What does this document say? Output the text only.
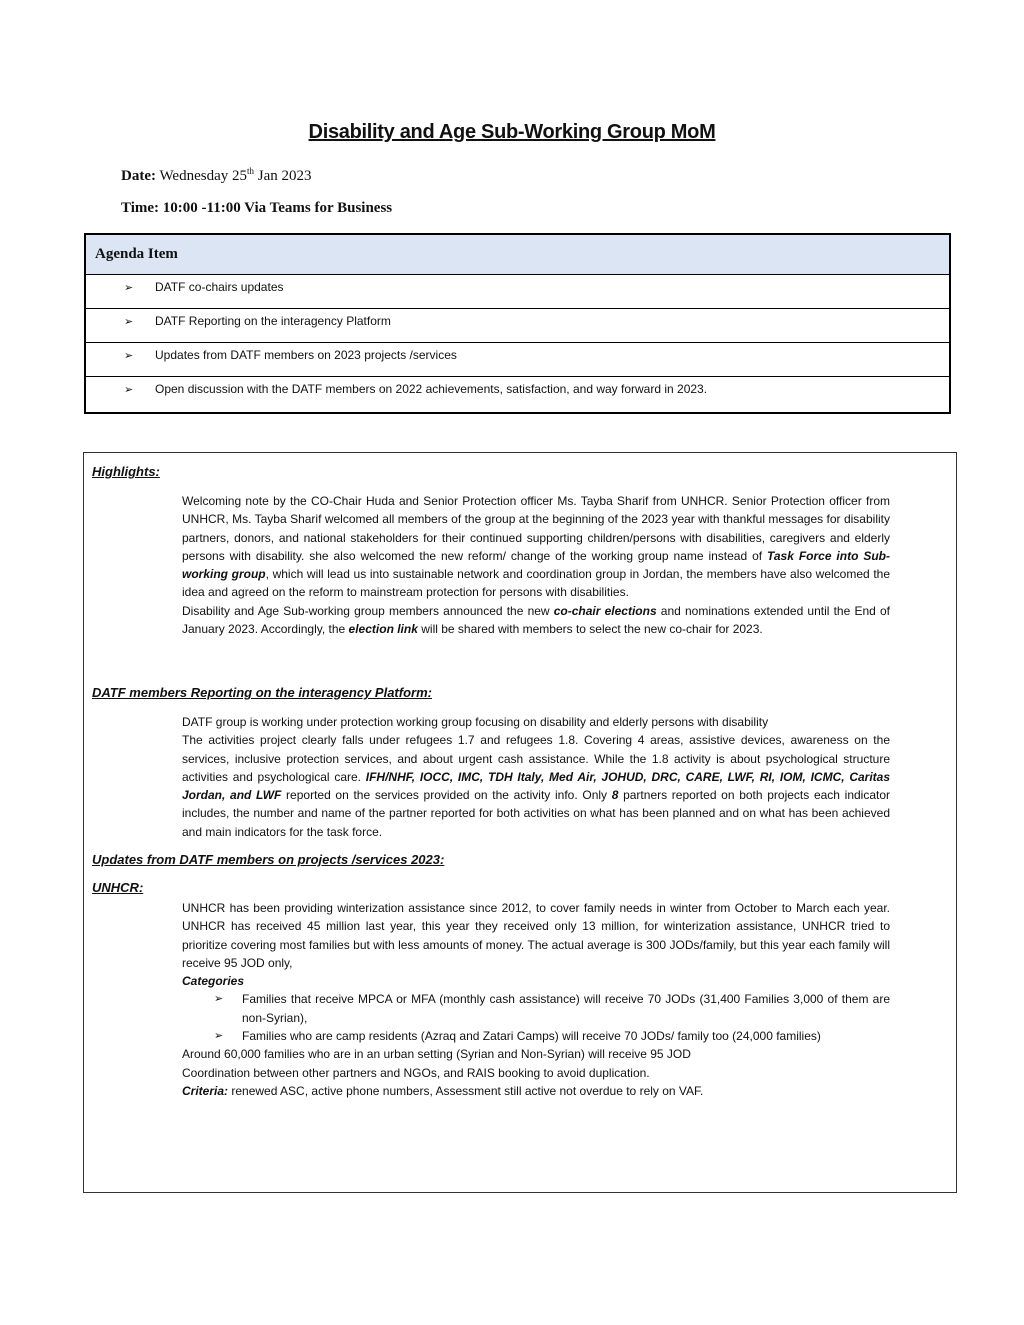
Disability and Age Sub-Working Group MoM
Date: Wednesday 25th Jan 2023
Time: 10:00 -11:00 Via Teams for Business
Agenda Item
➢ DATF co-chairs updates
➢ DATF Reporting on the interagency Platform
➢ Updates from DATF members on 2023 projects /services
➢ Open discussion with the DATF members on 2022 achievements, satisfaction, and way forward in 2023.
Highlights:

Welcoming note by the CO-Chair Huda and Senior Protection officer Ms. Tayba Sharif from UNHCR. Senior Protection officer from UNHCR, Ms. Tayba Sharif welcomed all members of the group at the beginning of the 2023 year with thankful messages for disability partners, donors, and national stakeholders for their continued supporting children/persons with disabilities, caregivers and elderly persons with disability. she also welcomed the new reform/ change of the working group name instead of Task Force into Sub-working group, which will lead us into sustainable network and coordination group in Jordan, the members have also welcomed the idea and agreed on the reform to mainstream protection for persons with disabilities.

Disability and Age Sub-working group members announced the new co-chair elections and nominations extended until the End of January 2023. Accordingly, the election link will be shared with members to select the new co-chair for 2023.

DATF members Reporting on the interagency Platform:

DATF group is working under protection working group focusing on disability and elderly persons with disability

The activities project clearly falls under refugees 1.7 and refugees 1.8. Covering 4 areas, assistive devices, awareness on the services, inclusive protection services, and about urgent cash assistance. While the 1.8 activity is about psychological structure activities and psychological care. IFH/NHF, IOCC, IMC, TDH Italy, Med Air, JOHUD, DRC, CARE, LWF, RI, IOM, ICMC, Caritas Jordan, and LWF reported on the services provided on the activity info. Only 8 partners reported on both projects each indicator includes, the number and name of the partner reported for both activities on what has been planned and on what has been achieved and main indicators for the task force.

Updates from DATF members on projects /services 2023:
UNHCR:

UNHCR has been providing winterization assistance since 2012, to cover family needs in winter from October to March each year. UNHCR has received 45 million last year, this year they received only 13 million, for winterization assistance, UNHCR tried to prioritize covering most families but with less amounts of money. The actual average is 300 JODs/family, but this year each family will receive 95 JOD only,

Categories

➢ Families that receive MPCA or MFA (monthly cash assistance) will receive 70 JODs (31,400 Families 3,000 of them are non-Syrian),

➢ Families who are camp residents (Azraq and Zatari Camps) will receive 70 JODs/ family too (24,000 families)

Around 60,000 families who are in an urban setting (Syrian and Non-Syrian) will receive 95 JOD

Coordination between other partners and NGOs, and RAIS booking to avoid duplication.

Criteria: renewed ASC, active phone numbers, Assessment still active not overdue to rely on VAF.
